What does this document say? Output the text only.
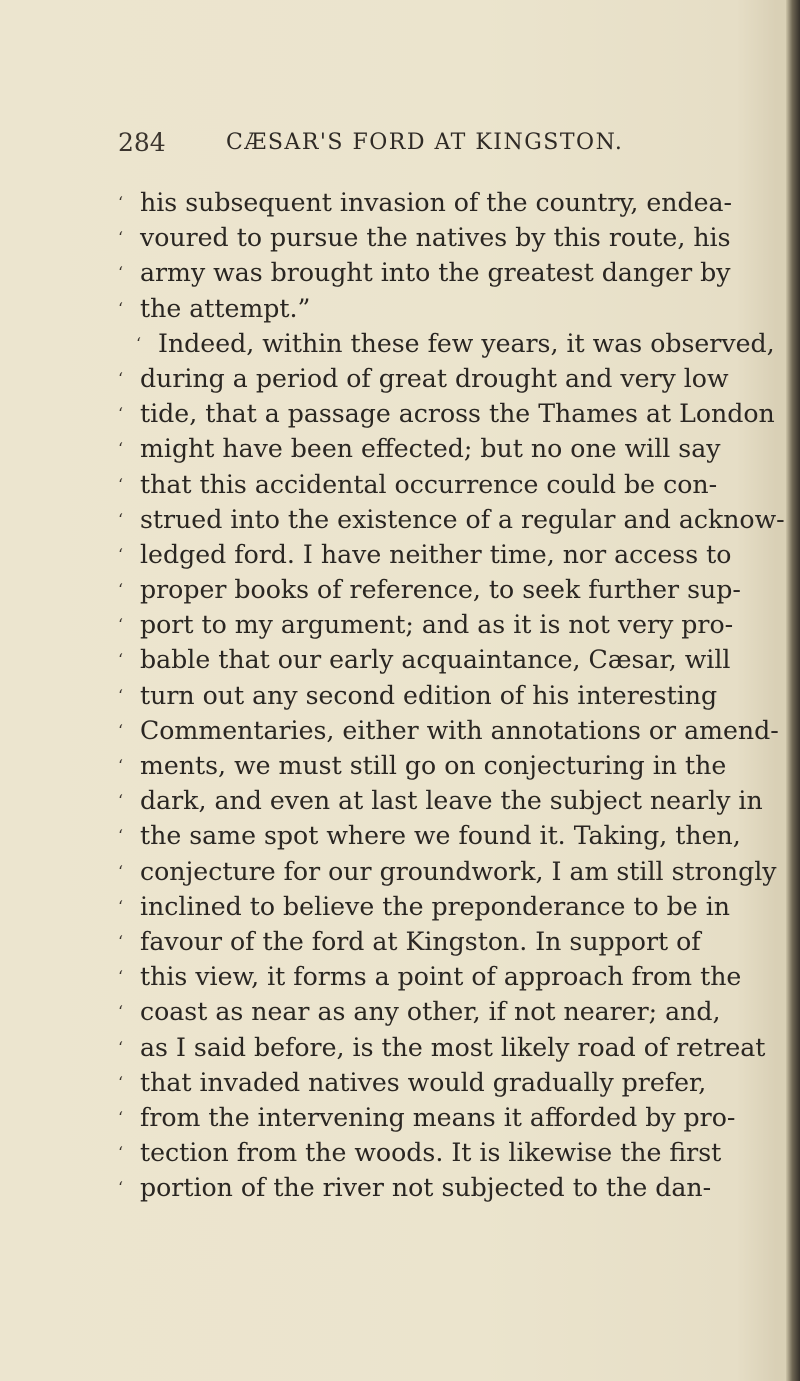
284	CÆSAR'S FORD AT KINGSTON.
‘ his subsequent invasion of the country, endea-
‘ voured to pursue the natives by this route, his
‘ army was brought into the greatest danger by
‘ the attempt.”
‘ Indeed, within these few years, it was observed,
‘ during a period of great drought and very low
‘ tide, that a passage across the Thames at London
‘ might have been effected; but no one will say
‘ that this accidental occurrence could be con-
‘ strued into the existence of a regular and acknow-
‘ ledged ford. I have neither time, nor access to
‘ proper books of reference, to seek further sup-
‘ port to my argument; and as it is not very pro-
‘ bable that our early acquaintance, Cæsar, will
‘ turn out any second edition of his interesting
‘ Commentaries, either with annotations or amend-
‘ ments, we must still go on conjecturing in the
‘ dark, and even at last leave the subject nearly in
‘ the same spot where we found it. Taking, then,
‘ conjecture for our groundwork, I am still strongly
‘ inclined to believe the preponderance to be in
‘ favour of the ford at Kingston. In support of
‘ this view, it forms a point of approach from the
‘ coast as near as any other, if not nearer; and,
‘ as I said before, is the most likely road of retreat
‘ that invaded natives would gradually prefer,
‘ from the intervening means it afforded by pro-
‘ tection from the woods. It is likewise the first
‘ portion of the river not subjected to the dan-
